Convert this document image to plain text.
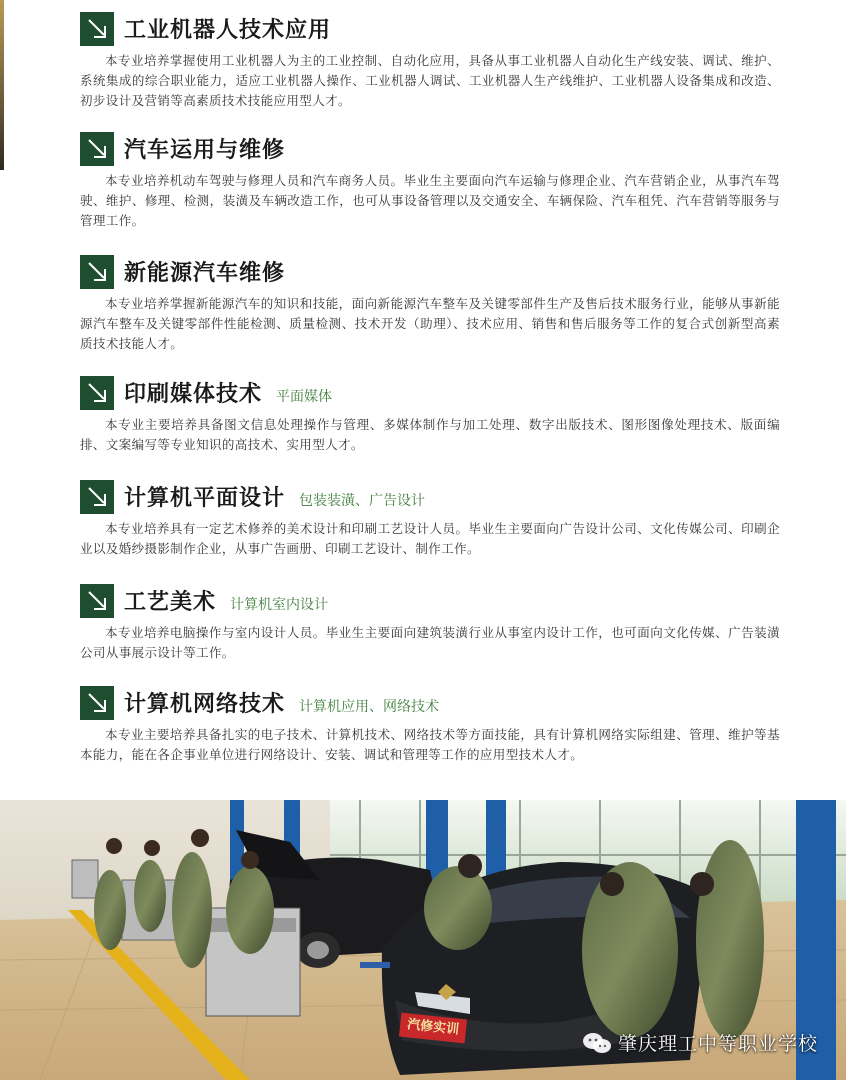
工业机器人技术应用

本专业培养掌握使用工业机器人为主的工业控制、自动化应用，具备从事工业机器人自动化生产线安装、调试、维护、系统集成的综合职业能力，适应工业机器人操作、工业机器人调试、工业机器人生产线维护、工业机器人设备集成和改造、初步设计及营销等高素质技术技能应用型人才。

汽车运用与维修

本专业培养机动车驾驶与修理人员和汽车商务人员。毕业生主要面向汽车运输与修理企业、汽车营销企业，从事汽车驾驶、维护、修理、检测，装潢及车辆改造工作，也可从事设备管理以及交通安全、车辆保险、汽车租凭、汽车营销等服务与管理工作。

新能源汽车维修

本专业培养掌握新能源汽车的知识和技能，面向新能源汽车整车及关键零部件生产及售后技术服务行业，能够从事新能源汽车整车及关键零部件性能检测、质量检测、技术开发（助理）、技术应用、销售和售后服务等工作的复合式创新型高素质技术技能人才。

印刷媒体技术 平面媒体

本专业主要培养具备图文信息处理操作与管理、多媒体制作与加工处理、数字出版技术、图形图像处理技术、版面编排、文案编写等专业知识的高技术、实用型人才。

计算机平面设计 包装装潢、广告设计

本专业培养具有一定艺术修养的美术设计和印刷工艺设计人员。毕业生主要面向广告设计公司、文化传媒公司、印刷企业以及婚纱摄影制作企业，从事广告画册、印刷工艺设计、制作工作。

工艺美术 计算机室内设计

本专业培养电脑操作与室内设计人员。毕业生主要面向建筑装潢行业从事室内设计工作，也可面向文化传媒、广告装潢公司从事展示设计等工作。

计算机网络技术 计算机应用、网络技术

本专业主要培养具备扎实的电子技术、计算机技术、网络技术等方面技能，具有计算机网络实际组建、管理、维护等基本能力，能在各企事业单位进行网络设计、安装、调试和管理等工作的应用型技术人才。

汽修实训
肇庆理工中等职业学校
